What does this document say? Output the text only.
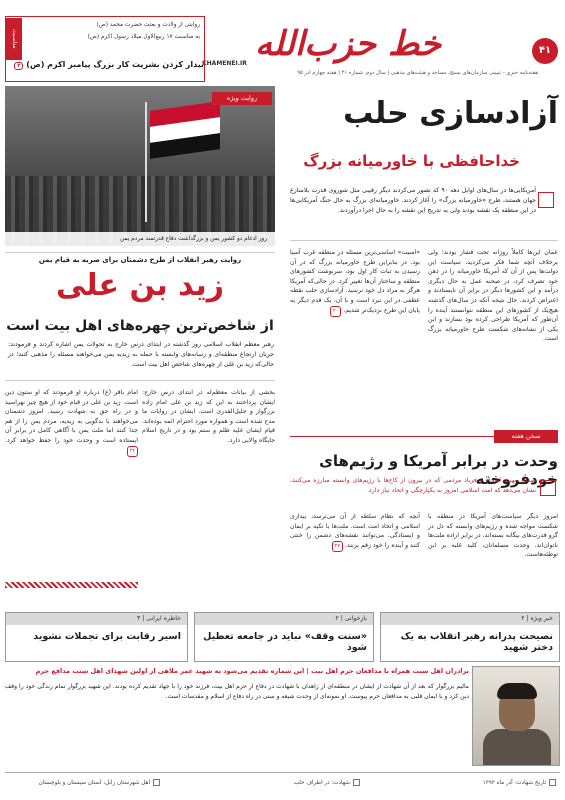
۴۱
خط حزب‌الله
KHAMENEI.IR
هفته‌نامه خبری - تبیینی سازمان‌های بسیج، مساجد و هیئت‌های مذهبی | سال دوم، شماره ۴۱ | هفته چهارم آذر ۹۵
مناسبت
روایتی از ولادت و بعثت حضرت محمد (ص)
به مناسبت ۱۷ ربیع‌الاول میلاد رسول اکرم (ص)
بیدار کردن بشریت کار بزرگ پیامبر اکرم (ص) ۳
روایت ویژه
روز ادغام دو کشور یمن و بزرگداشت دفاع قدرتمند مردم یمن
آزادسازی حلب
خداحافظی با خاورمیانه بزرگ
آمریکایی‌ها در سال‌های اوایل دهه ۹۰ که تصور می‌کردند دیگر رقیبی مثل شوروی قدرت بلامنازع جهان هستند، طرح «خاورمیانه بزرگ» را آغاز کردند. خاورمیانه‌ای بزرگ به حال جنگ آمریکایی‌ها در این منطقه یک نقشه بودند ولی به تدریج این نقشه را به حال اجرا درآوردند.
عمان این‌ها کاملاً روزانه تحت فشار بودند؛ ولی برخلاف آنچه شما فکر می‌کردید، سیاست این دولت‌ها پس از آن که آمریکا خاورمیانه را در ذهن خود تصرف کرد، در صحنه عمل به حال دیگری درآمد و این کشورها دیگر در برابر آن نایستادند و اعتراض کردند. حال نتیجه آنکه در سال‌های گذشته هیچ‌یک از کشورهای این منطقه نتوانستند آینده را آن‌طور که آمریکا طراحی کرده بود بسازند و این یکی از نشانه‌های شکست طرح خاورمیانه بزرگ است.
«امنیت» اساسی‌ترین مسئله در منطقه غرب آسیا بود. در بنابراین طرح خاورمیانه بزرگ که در آن رسیدن به ثبات کار اول بود، سرنوشت کشورهای منطقه و ساختار آن‌ها تغییر کرد. در حالی‌که آمریکا هرگز به مراد دل خود نرسید. آزادسازی حلب نقطه عطفی در این نبرد است و با آن، یک قدم دیگر به پایان این طرح نزدیک‌تر شدیم. ۲۰
سخن هفته
وحدت در برابر آمریکا و رژیم‌های خودفروخته
صدای مهیب انفجار و فریاد مردمی که در بیرون از کاخ‌ها با رژیم‌های وابسته مبارزه می‌کنند، نشان می‌دهد که امت اسلامی امروز به یکپارچگی و اتحاد نیاز دارد.
امروز دیگر سیاست‌های آمریکا در منطقه با شکست مواجه شده و رژیم‌های وابسته که دل در گرو قدرت‌های بیگانه بسته‌اند، در برابر اراده ملت‌ها ناتوان‌اند. وحدت مسلمانان، کلید غلبه بر این توطئه‌هاست.
آنچه که نظام سلطه از آن می‌ترسد، بیداری اسلامی و اتحاد امت است. ملت‌ها با تکیه بر ایمان و ایستادگی، می‌توانند نقشه‌های دشمن را خنثی کنند و آینده را خود رقم بزنند. ۲۷
روایت رهبر انقلاب از طرح دشمنان برای ضربه به قیام یمن
زید بن علی
از شاخص‌ترین چهره‌های اهل بیت است
رهبر معظم انقلاب اسلامی روز گذشته در ابتدای درس خارج به تحولات یمن اشاره کردند و فرمودند: جریان ارتجاع منطقه‌ای و رسانه‌های وابسته با حمله به زیدیه یمن می‌خواهند مسئله را مذهبی کنند؛ در حالی‌که زید بن علی از چهره‌های شاخص اهل بیت است.
بخشی از بیانات معظم‌له در ابتدای درس خارج: ایشان پرداختند به این که زید بن علی امام زاده بزرگوار و جلیل‌القدری است. ایشان در روایات ما مدح شده است و همواره مورد احترام ائمه بوده‌اند. قیام ایشان علیه ظلم و ستم بود و در تاریخ اسلام جایگاه والایی دارد.
امام باقر (ع) درباره او فرمودند که او ستون دین است. زید بن علی در قیام خود از هیچ چیز نهراسید و در راه حق به شهادت رسید. امروز دشمنان می‌خواهند با بدگویی به زیدیه، مردم یمن را از هم جدا کنند اما ملت یمن با آگاهی کامل در برابر آن ایستاده است و وحدت خود را حفظ خواهد کرد. ۲۲
خبر ویژه | ۲
نصیحت پدرانه رهبر انقلاب به یک دختر شهید
بازخوانی | ۲
«سنت وقف» نباید در جامعه تعطیل شود
خاطره ایرانی | ۳
اسیر رقابت برای تجملات نشوید
برادران اهل سنت همراه با مدافعان حرم اهل بیت | این شماره تقدیم می‌شود به شهید عمر ملاهی از اولین شهدای اهل سنت مدافع حرم
مالیم بزرگوار که بعد از آن شهادت از ایشان در منطقه‌ای از زاهدان با شهادت در دفاع از حرم اهل بیت، فرزند خود را با جهاد تقدیم کرده بودند. این شهید بزرگوار تمام زندگی خود را وقف دین کرد و با ایمان قلبی به مدافعان حرم پیوست. او نمونه‌ای از وحدت شیعه و سنی در راه دفاع از اسلام و مقدسات است.
تاریخ شهادت: آذر ماه ۱۳۹۴
شهادت: در اطراف حلب
اهل شهرستان زابل، استان سیستان و بلوچستان
